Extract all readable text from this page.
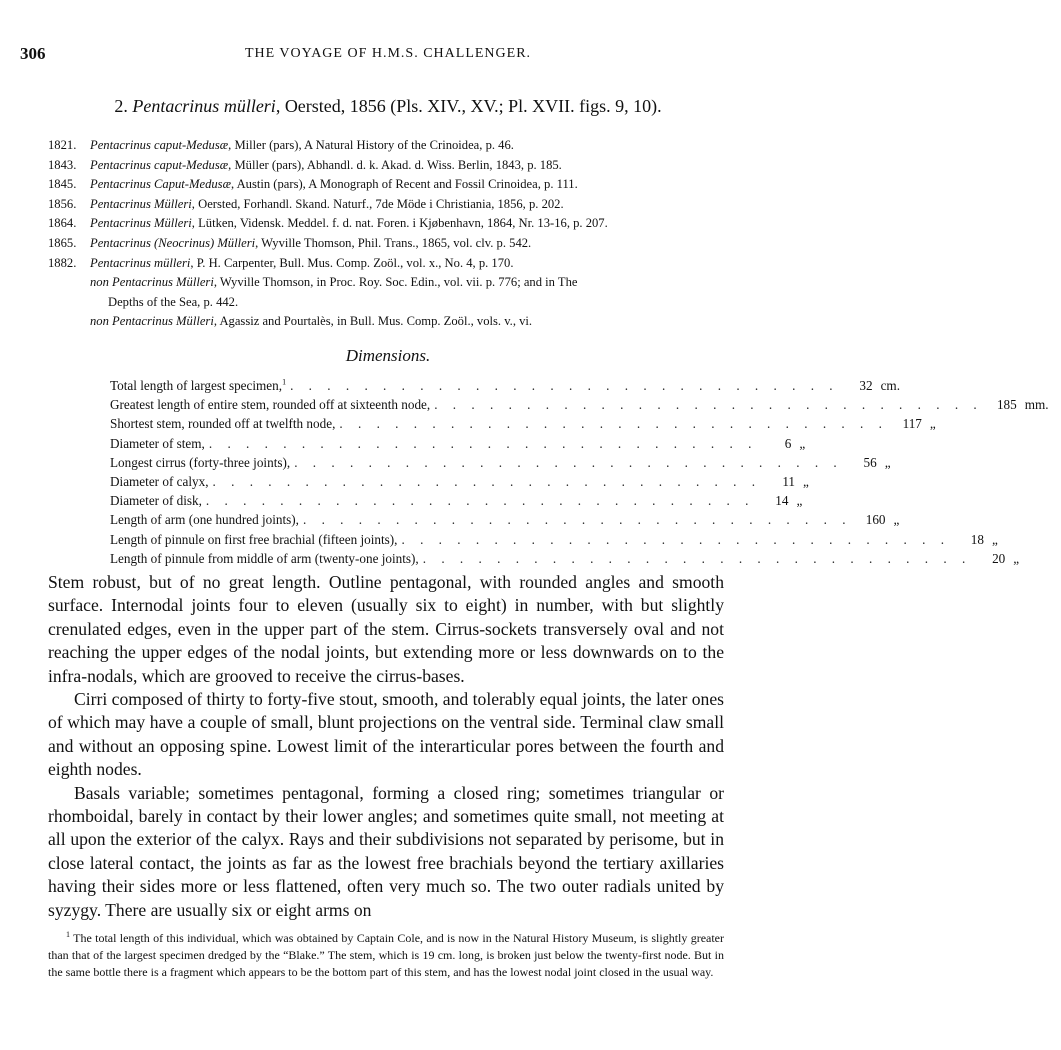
306	THE VOYAGE OF H.M.S. CHALLENGER.
2. Pentacrinus mülleri, Oersted, 1856 (Pls. XIV., XV.; Pl. XVII. figs. 9, 10).
1821.	Pentacrinus caput-Medusæ, Miller (pars), A Natural History of the Crinoidea, p. 46.
1843.	Pentacrinus caput-Medusæ, Müller (pars), Abhandl. d. k. Akad. d. Wiss. Berlin, 1843, p. 185.
1845.	Pentacrinus Caput-Medusæ, Austin (pars), A Monograph of Recent and Fossil Crinoidea, p. 111.
1856.	Pentacrinus Mülleri, Oersted, Forhandl. Skand. Naturf., 7de Möde i Christiania, 1856, p. 202.
1864.	Pentacrinus Mülleri, Lütken, Vidensk. Meddel. f. d. nat. Foren. i Kjøbenhavn, 1864, Nr. 13-16, p. 207.
1865.	Pentacrinus (Neocrinus) Mülleri, Wyville Thomson, Phil. Trans., 1865, vol. clv. p. 542.
1882.	Pentacrinus mülleri, P. H. Carpenter, Bull. Mus. Comp. Zoöl., vol. x., No. 4, p. 170.
non Pentacrinus Mülleri, Wyville Thomson, in Proc. Roy. Soc. Edin., vol. vii. p. 776; and in The
Depths of the Sea, p. 442.
non Pentacrinus Mülleri, Agassiz and Pourtalès, in Bull. Mus. Comp. Zoöl., vols. v., vi.
Dimensions.
Total length of largest specimen,$^1$ . . . . . . . . . . . . . . . . . . . . . . . . . . . . . .	32 cm.
Greatest length of entire stem, rounded off at sixteenth node, . . . . . . . . . . . . . . . . . . . . . . . . . . . . . .	185 mm.
Shortest stem, rounded off at twelfth node, . . . . . . . . . . . . . . . . . . . . . . . . . . . . . .	117 „
Diameter of stem, . . . . . . . . . . . . . . . . . . . . . . . . . . . . . .	6 „
Longest cirrus (forty-three joints), . . . . . . . . . . . . . . . . . . . . . . . . . . . . . .	56 „
Diameter of calyx, . . . . . . . . . . . . . . . . . . . . . . . . . . . . . .	11 „
Diameter of disk, . . . . . . . . . . . . . . . . . . . . . . . . . . . . . .	14 „
Length of arm (one hundred joints), . . . . . . . . . . . . . . . . . . . . . . . . . . . . . .	160 „
Length of pinnule on first free brachial (fifteen joints), . . . . . . . . . . . . . . . . . . . . . . . . . . . . . .	18 „
Length of pinnule from middle of arm (twenty-one joints), . . . . . . . . . . . . . . . . . . . . . . . . . . . . . .	20 „

Stem robust, but of no great length. Outline pentagonal, with rounded angles and smooth surface. Internodal joints four to eleven (usually six to eight) in number, with but slightly crenulated edges, even in the upper part of the stem. Cirrus-sockets transversely oval and not reaching the upper edges of the nodal joints, but extending more or less downwards on to the infra-nodals, which are grooved to receive the cirrus-bases.

Cirri composed of thirty to forty-five stout, smooth, and tolerably equal joints, the later ones of which may have a couple of small, blunt projections on the ventral side. Terminal claw small and without an opposing spine. Lowest limit of the interarticular pores between the fourth and eighth nodes.

Basals variable; sometimes pentagonal, forming a closed ring; sometimes triangular or rhomboidal, barely in contact by their lower angles; and sometimes quite small, not meeting at all upon the exterior of the calyx. Rays and their subdivisions not separated by perisome, but in close lateral contact, the joints as far as the lowest free brachials beyond the tertiary axillaries having their sides more or less flattened, often very much so. The two outer radials united by syzygy. There are usually six or eight arms on

$^1$ The total length of this individual, which was obtained by Captain Cole, and is now in the Natural History Museum, is slightly greater than that of the largest specimen dredged by the “Blake.” The stem, which is 19 cm. long, is broken just below the twenty-first node. But in the same bottle there is a fragment which appears to be the bottom part of this stem, and has the lowest nodal joint closed in the usual way.
